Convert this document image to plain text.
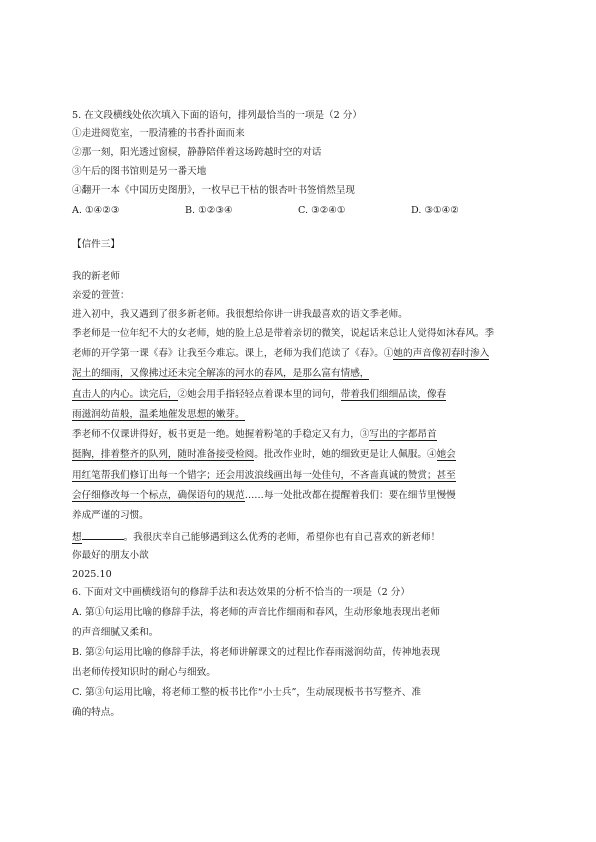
5. 在文段横线处依次填入下面的语句，排列最恰当的一项是（2 分）
①走进阅览室，一股清雅的书香扑面而来
②那一刻，阳光透过窗棂，静静陪伴着这场跨越时空的对话
③午后的图书馆则是另一番天地
④翻开一本《中国历史图册》，一枚早已干枯的银杏叶书签悄然呈现
A. ①④②③	B. ①②③④	C. ③②④①	D. ③①④②
【信件三】
我的新老师
亲爱的萱萱：
进入初中，我又遇到了很多新老师。我很想给你讲一讲我最喜欢的语文季老师。
季老师是一位年纪不大的女老师，她的脸上总是带着亲切的微笑，说起话来总让人觉得如沐春风。季
老师的开学第一课《春》让我至今难忘。课上，老师为我们范读了《春》。①她的声音像初春时渗入
泥土的细雨，又像拂过还未完全解冻的河水的春风，是那么富有情感，
直击人的内心。读完后，②她会用手指轻轻点着课本里的词句，带着我们细细品读，像春
雨滋润幼苗般，温柔地催发思想的嫩芽。
季老师不仅课讲得好，板书更是一绝。她握着粉笔的手稳定又有力，③写出的字都昂首
挺胸，排着整齐的队列，随时准备接受检阅。批改作业时，她的细致更是让人佩服。④她会
用红笔帮我们修订出每一个错字；还会用波浪线画出每一处佳句，不吝啬真诚的赞赏；甚至
会仔细修改每一个标点，确保语句的规范……每一处批改都在提醒着我们：要在细节里慢慢
养成严谨的习惯。
想	。我很庆幸自己能够遇到这么优秀的老师，希望你也有自己喜欢的新老师！
你最好的朋友小歆
2025.10
6. 下面对文中画横线语句的修辞手法和表达效果的分析不恰当的一项是（2 分）
A. 第①句运用比喻的修辞手法，将老师的声音比作细雨和春风，生动形象地表现出老师
的声音细腻又柔和。
B. 第②句运用比喻的修辞手法，将老师讲解课文的过程比作春雨滋润幼苗，传神地表现
出老师传授知识时的耐心与细致。
C. 第③句运用比喻，将老师工整的板书比作“小士兵”，生动展现板书书写整齐、准
确的特点。
